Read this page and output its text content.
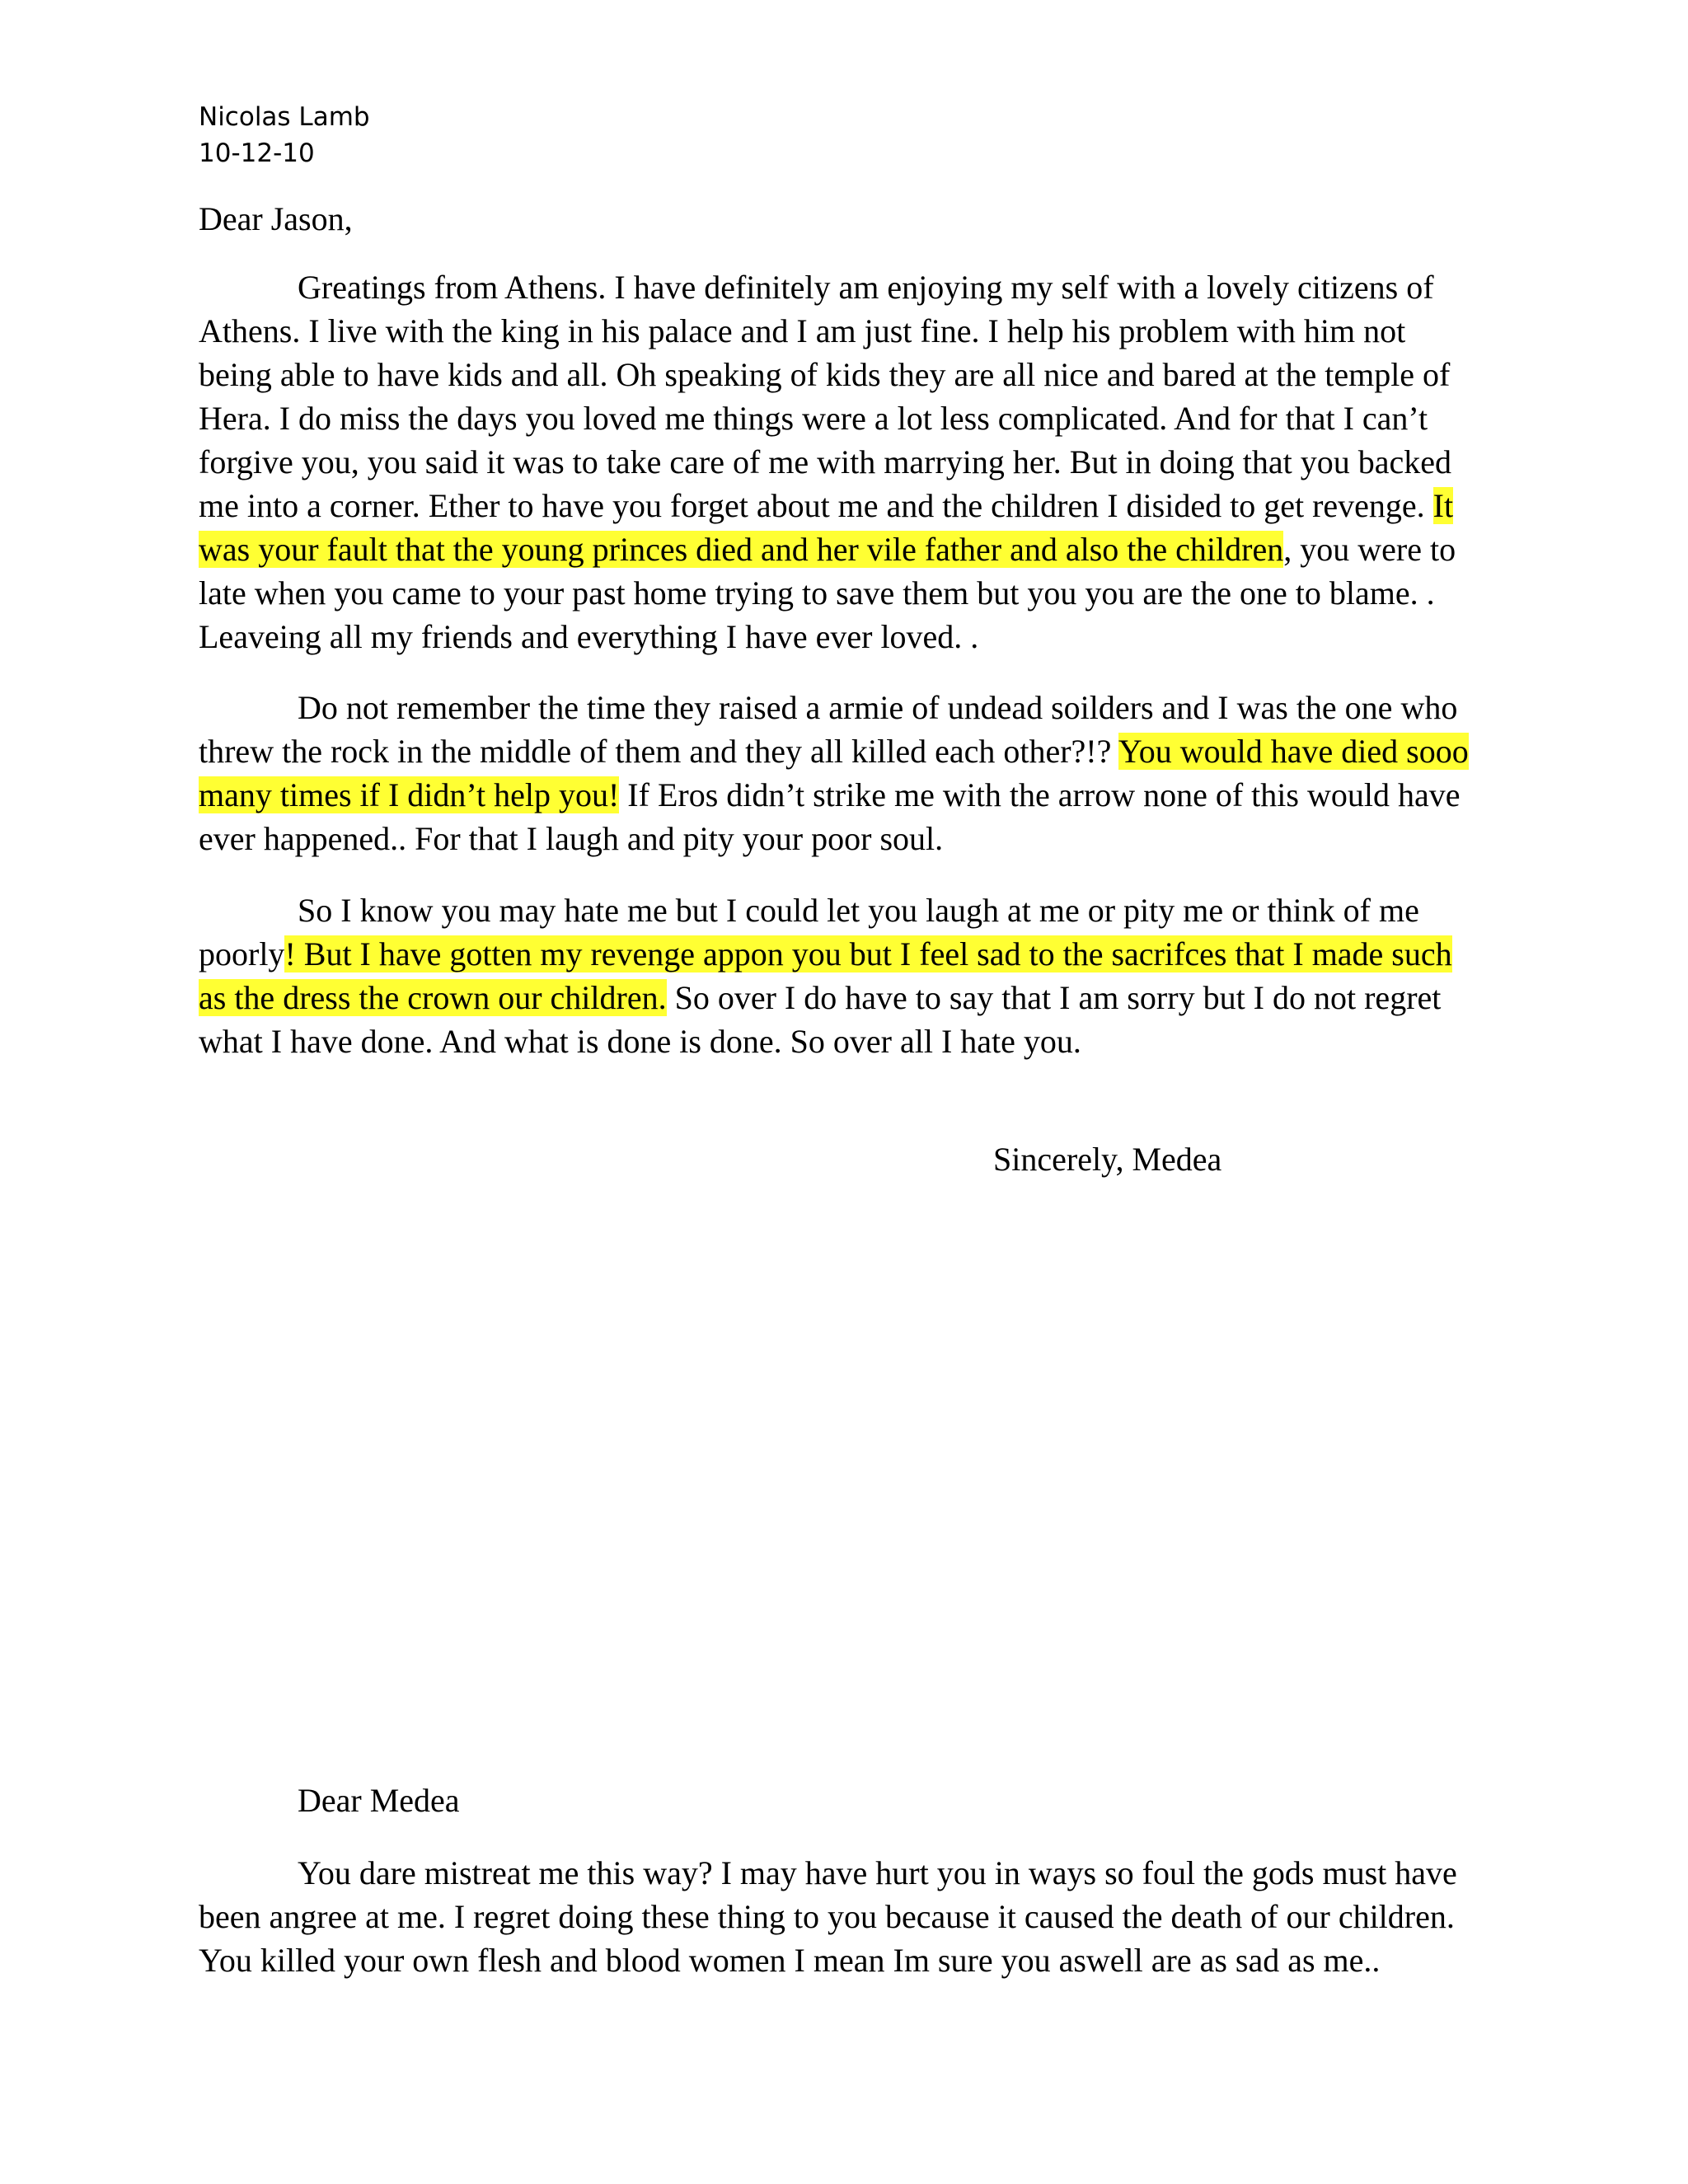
Nicolas Lamb
10-12-10
Dear Jason,

Greatings from Athens. I have definitely am enjoying my self with a lovely citizens of Athens. I live with the king in his palace and I am just fine. I help his problem with him not being able to have kids and all. Oh speaking of kids they are all nice and bared at the temple of Hera. I do miss the days you loved me things were a lot less complicated. And for that I can’t forgive you, you said it was to take care of me with marrying her. But in doing that you backed me into a corner. Ether to have you forget about me and the children I disided to get revenge. It was your fault that the young princes died and her vile father and also the children, you were to late when you came to your past home trying to save them but you you are the one to blame. . Leaveing all my friends and everything I have ever loved. .

Do not remember the time they raised a armie of undead soilders and I was the one who threw the rock in the middle of them and they all killed each other?!? You would have died sooo many times if I didn’t help you! If Eros didn’t strike me with the arrow none of this would have ever happened.. For that I laugh and pity your poor soul.

So I know you may hate me but I could let you laugh at me or pity me or think of me poorly! But I have gotten my revenge appon you but I feel sad to the sacrifces that I made such as the dress the crown our children. So over I do have to say that I am sorry but I do not regret what I have done. And what is done is done. So over all I hate you.

Sincerely, Medea
Dear Medea

You dare mistreat me this way? I may have hurt you in ways so foul the gods must have been angree at me. I regret doing these thing to you because it caused the death of our children. You killed your own flesh and blood women I mean Im sure you aswell are as sad as me..
